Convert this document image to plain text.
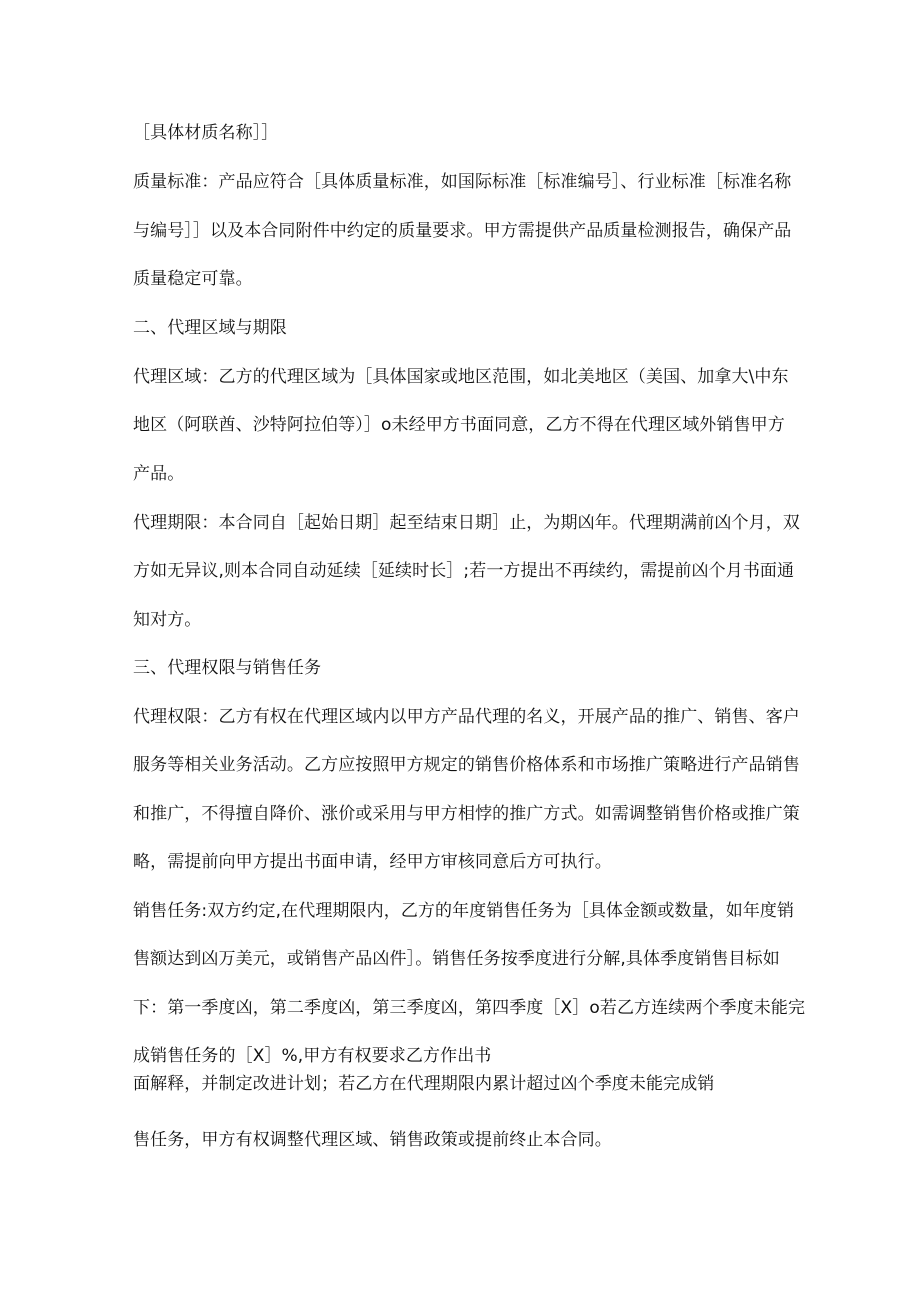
［具体材质名称］］
质量标准：产品应符合［具体质量标准，如国际标准［标准编号］、行业标准［标准名称
与编号］］以及本合同附件中约定的质量要求。甲方需提供产品质量检测报告，确保产品
质量稳定可靠。
二、代理区域与期限
代理区域：乙方的代理区域为［具体国家或地区范围，如北美地区（美国、加拿大\中东
地区（阿联酋、沙特阿拉伯等）］o未经甲方书面同意，乙方不得在代理区域外销售甲方
产品。
代理期限：本合同自［起始日期］起至结束日期］止，为期凶年。代理期满前凶个月，双
方如无异议,则本合同自动延续［延续时长］;若一方提出不再续约，需提前凶个月书面通
知对方。
三、代理权限与销售任务
代理权限：乙方有权在代理区域内以甲方产品代理的名义，开展产品的推广、销售、客户
服务等相关业务活动。乙方应按照甲方规定的销售价格体系和市场推广策略进行产品销售
和推广，不得擅自降价、涨价或采用与甲方相悖的推广方式。如需调整销售价格或推广策
略，需提前向甲方提出书面申请，经甲方审核同意后方可执行。
销售任务:双方约定,在代理期限内，乙方的年度销售任务为［具体金额或数量，如年度销
售额达到凶万美元，或销售产品凶件］。销售任务按季度进行分解,具体季度销售目标如
下：第一季度凶，第二季度凶，第三季度凶，第四季度［X］o若乙方连续两个季度未能完
成销售任务的［X］%,甲方有权要求乙方作出书
面解释，并制定改进计划；若乙方在代理期限内累计超过凶个季度未能完成销
售任务，甲方有权调整代理区域、销售政策或提前终止本合同。
